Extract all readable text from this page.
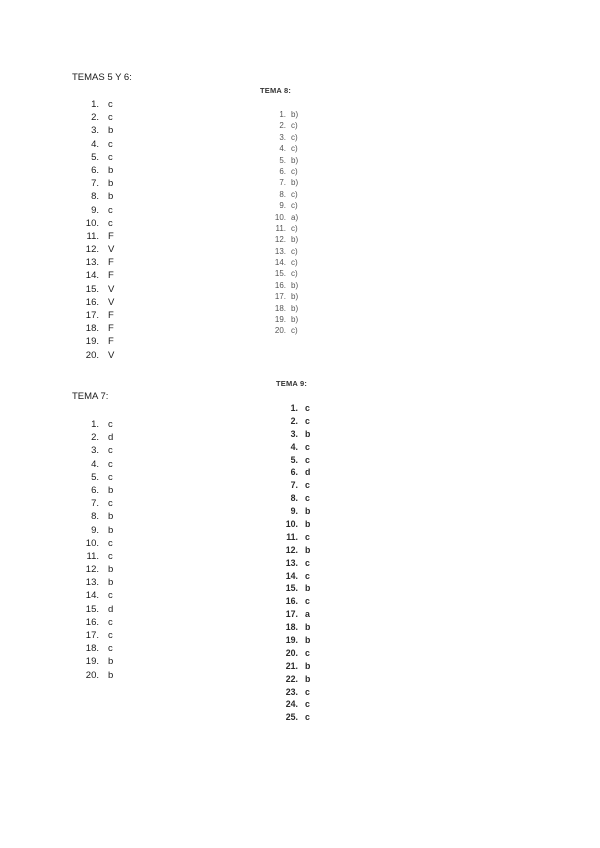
TEMAS 5 Y 6:
1. c
2. c
3. b
4. c
5. c
6. b
7. b
8. b
9. c
10. c
11. F
12. V
13. F
14. F
15. V
16. V
17. F
18. F
19. F
20. V
TEMA 7:
1. c
2. d
3. c
4. c
5. c
6. b
7. c
8. b
9. b
10. c
11. c
12. b
13. b
14. c
15. d
16. c
17. c
18. c
19. b
20. b
TEMA 8:
1. b)
2. c)
3. c)
4. c)
5. b)
6. c)
7. b)
8. c)
9. c)
10. a)
11. c)
12. b)
13. c)
14. c)
15. c)
16. b)
17. b)
18. b)
19. b)
20. c)
TEMA 9:
1. c
2. c
3. b
4. c
5. c
6. d
7. c
8. c
9. b
10. b
11. c
12. b
13. c
14. c
15. b
16. c
17. a
18. b
19. b
20. c
21. b
22. b
23. c
24. c
25. c
